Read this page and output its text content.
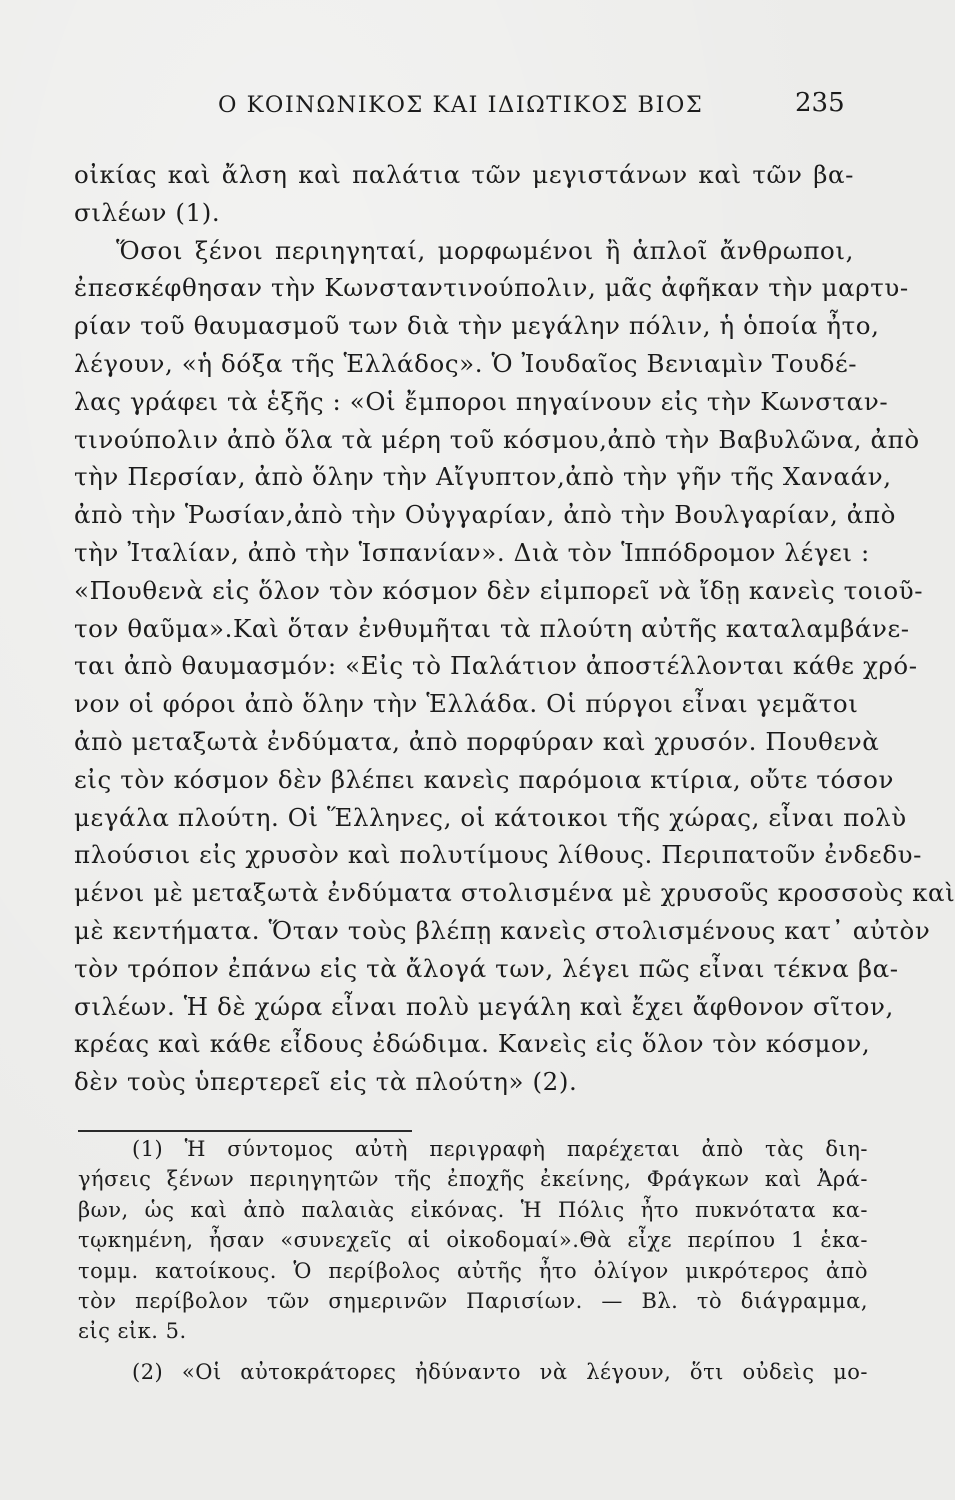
Ο ΚΟΙΝΩΝΙΚΟΣ ΚΑΙ ΙΔΙΩΤΙΚΟΣ ΒΙΟΣ	235
οἰκίας καὶ ἄλση καὶ παλάτια τῶν μεγιστάνων καὶ τῶν βα-
σιλέων (1).
Ὅσοι ξένοι περιηγηταί, μορφωμένοι ἢ ἁπλοῖ ἄνθρωποι,
ἐπεσκέφθησαν τὴν Κωνσταντινούπολιν, μᾶς ἀφῆκαν τὴν μαρτυ-
ρίαν τοῦ θαυμασμοῦ των διὰ τὴν μεγάλην πόλιν, ἡ ὁποία ἦτο,
λέγουν, «ἡ δόξα τῆς Ἑλλάδος». Ὁ Ἰουδαῖος Βενιαμὶν Τουδέ-
λας γράφει τὰ ἑξῆς : «Οἱ ἔμποροι πηγαίνουν εἰς τὴν Κωνσταν-
τινούπολιν ἀπὸ ὅλα τὰ μέρη τοῦ κόσμου,ἀπὸ τὴν Βαβυλῶνα, ἀπὸ
τὴν Περσίαν, ἀπὸ ὅλην τὴν Αἴγυπτον,ἀπὸ τὴν γῆν τῆς Χαναάν,
ἀπὸ τὴν Ῥωσίαν,ἀπὸ τὴν Οὐγγαρίαν, ἀπὸ τὴν Βουλγαρίαν, ἀπὸ
τὴν Ἰταλίαν, ἀπὸ τὴν Ἱσπανίαν». Διὰ τὸν Ἱππόδρομον λέγει :
«Πουθενὰ εἰς ὅλον τὸν κόσμον δὲν εἰμπορεῖ νὰ ἴδῃ κανεὶς τοιοῦ-
τον θαῦμα».Καὶ ὅταν ἐνθυμῆται τὰ πλούτη αὐτῆς καταλαμβάνε-
ται ἀπὸ θαυμασμόν: «Εἰς τὸ Παλάτιον ἀποστέλλονται κάθε χρό-
νον οἱ φόροι ἀπὸ ὅλην τὴν Ἑλλάδα. Οἱ πύργοι εἶναι γεμᾶτοι
ἀπὸ μεταξωτὰ ἐνδύματα, ἀπὸ πορφύραν καὶ χρυσόν. Πουθενὰ
εἰς τὸν κόσμον δὲν βλέπει κανεὶς παρόμοια κτίρια, οὔτε τόσον
μεγάλα πλούτη. Οἱ Ἕλληνες, οἱ κάτοικοι τῆς χώρας, εἶναι πολὺ
πλούσιοι εἰς χρυσὸν καὶ πολυτίμους λίθους. Περιπατοῦν ἐνδεδυ-
μένοι μὲ μεταξωτὰ ἐνδύματα στολισμένα μὲ χρυσοῦς κροσσοὺς καὶ
μὲ κεντήματα. Ὅταν τοὺς βλέπῃ κανεὶς στολισμένους κατ᾽ αὐτὸν
τὸν τρόπον ἐπάνω εἰς τὰ ἄλογά των, λέγει πῶς εἶναι τέκνα βα-
σιλέων. Ἡ δὲ χώρα εἶναι πολὺ μεγάλη καὶ ἔχει ἄφθονον σῖτον,
κρέας καὶ κάθε εἶδους ἐδώδιμα. Κανεὶς εἰς ὅλον τὸν κόσμον,
δὲν τοὺς ὑπερτερεῖ εἰς τὰ πλούτη» (2).
(1) Ἡ σύντομος αὐτὴ περιγραφὴ παρέχεται ἀπὸ τὰς διη-
γήσεις ξένων περιηγητῶν τῆς ἐποχῆς ἐκείνης, Φράγκων καὶ Ἀρά-
βων, ὡς καὶ ἀπὸ παλαιὰς εἰκόνας. Ἡ Πόλις ἦτο πυκνότατα κα-
τῳκημένη, ἦσαν «συνεχεῖς αἱ οἰκοδομαί».Θὰ εἶχε περίπου 1 ἑκα-
τομμ. κατοίκους. Ὁ περίβολος αὐτῆς ἦτο ὀλίγον μικρότερος ἀπὸ
τὸν περίβολον τῶν σημερινῶν Παρισίων. — Βλ. τὸ διάγραμμα,
εἰς εἰκ. 5.
(2) «Οἱ αὐτοκράτορες ἠδύναντο νὰ λέγουν, ὅτι οὐδεὶς μο-
